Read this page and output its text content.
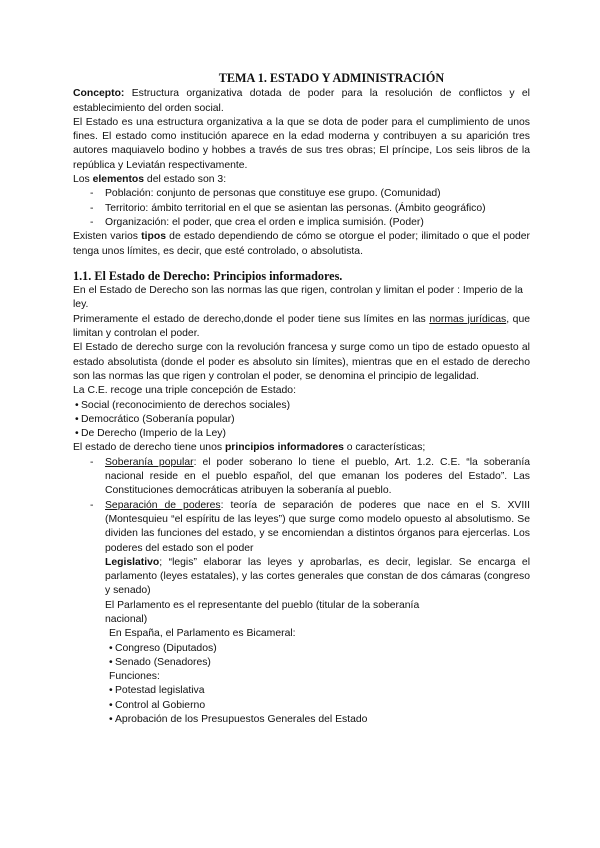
TEMA 1. ESTADO Y ADMINISTRACIÓN

Concepto: Estructura organizativa dotada de poder para la resolución de conflictos y el establecimiento del orden social.

El Estado es una estructura organizativa a la que se dota de poder para el cumplimiento de unos fines. El estado como institución aparece en la edad moderna y contribuyen a su aparición tres autores maquiavelo bodino y hobbes a través de sus tres obras; El príncipe, Los seis libros de la república y Leviatán respectivamente.

Los elementos del estado son 3:

- Población: conjunto de personas que constituye ese grupo. (Comunidad)
- Territorio: ámbito territorial en el que se asientan las personas. (Ámbito geográfico)
- Organización: el poder, que crea el orden e implica sumisión. (Poder)

Existen varios tipos de estado dependiendo de cómo se otorgue el poder; ilimitado o que el poder tenga unos límites, es decir, que esté controlado, o absolutista.

1.1. El Estado de Derecho: Principios informadores.

En el Estado de Derecho son las normas las que rigen, controlan y limitan el poder : Imperio de la ley.

Primeramente el estado de derecho,donde el poder tiene sus límites en las normas jurídicas, que limitan y controlan el poder.

El Estado de derecho surge con la revolución francesa y surge como un tipo de estado opuesto al estado absolutista (donde el poder es absoluto sin límites), mientras que en el estado de derecho son las normas las que rigen y controlan el poder, se denomina el principio de legalidad.

La C.E. recoge una triple concepción de Estado:

• Social (reconocimiento de derechos sociales)
• Democrático (Soberanía popular)
• De Derecho (Imperio de la Ley)

El estado de derecho tiene unos principios informadores o características;

- Soberanía popular: el poder soberano lo tiene el pueblo, Art. 1.2. C.E. “la soberanía nacional reside en el pueblo español, del que emanan los poderes del Estado”. Las Constituciones democráticas atribuyen la soberanía al pueblo.
- Separación de poderes: teoría de separación de poderes que nace en el S. XVIII (Montesquieu “el espíritu de las leyes”) que surge como modelo opuesto al absolutismo. Se dividen las funciones del estado, y se encomiendan a distintos órganos para ejercerlas. Los poderes del estado son el poder

Legislativo; “legis” elaborar las leyes y aprobarlas, es decir, legislar. Se encarga el parlamento (leyes estatales), y las cortes generales que constan de dos cámaras (congreso y senado)

El Parlamento es el representante del pueblo (titular de la soberanía

nacional)

En España, el Parlamento es Bicameral:

• Congreso (Diputados)
• Senado (Senadores)

Funciones:

• Potestad legislativa
• Control al Gobierno
• Aprobación de los Presupuestos Generales del Estado
